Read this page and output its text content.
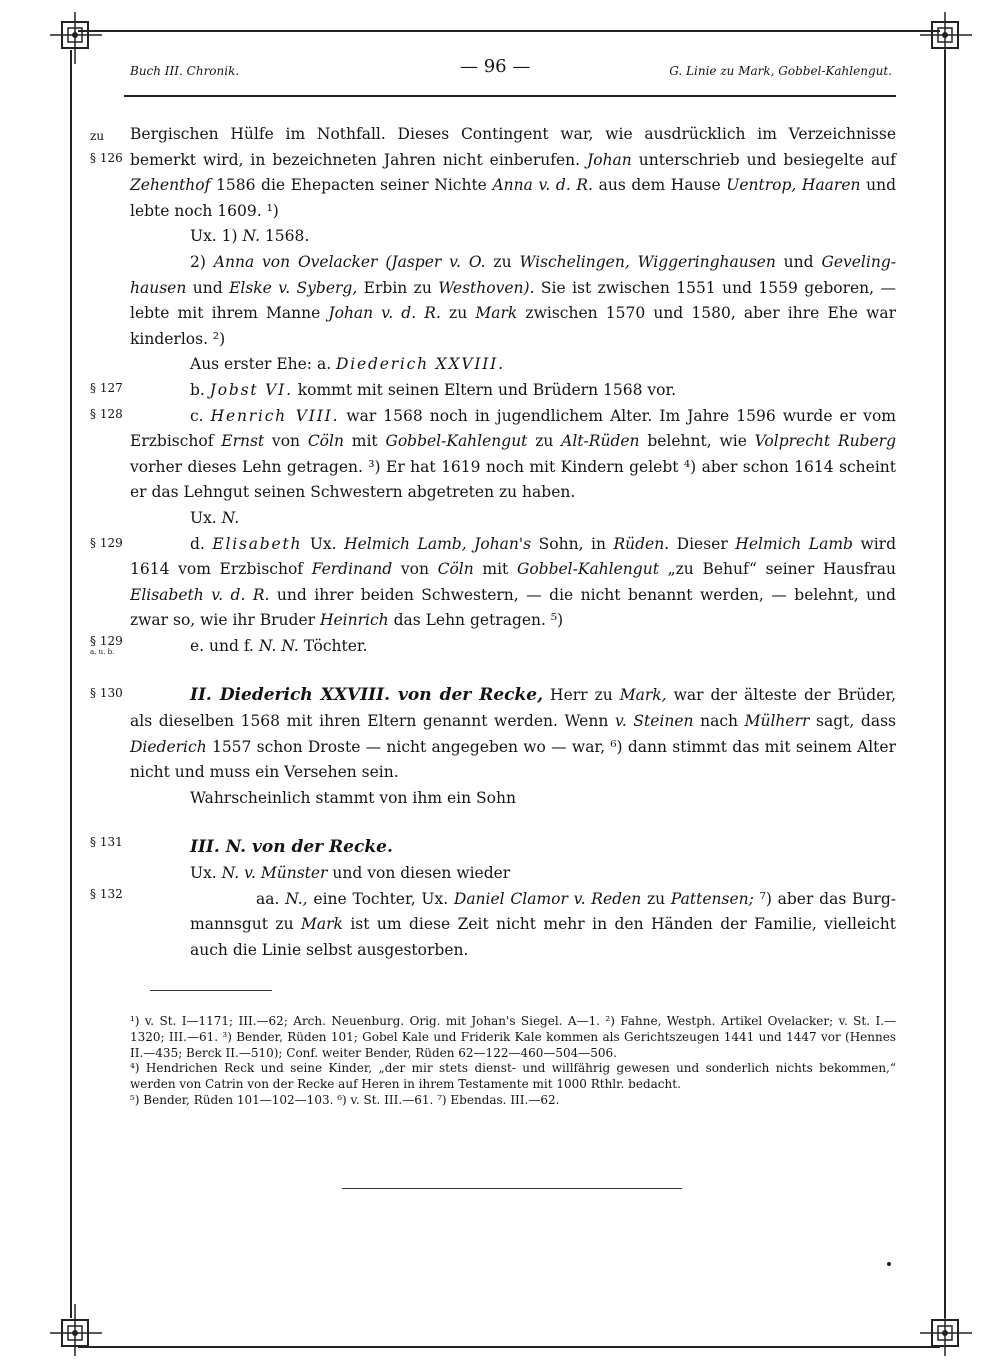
Buch III. Chronik.	— 96 —	G. Linie zu Mark, Gobbel-Kahlengut.
zu
§ 126
§ 127
§ 128
§ 129
§ 129
a. u. b.
§ 130
§ 131
§ 132

Bergischen Hülfe im Nothfall. Dieses Contingent war, wie ausdrücklich im Verzeichnisse bemerkt wird, in bezeichneten Jahren nicht einberufen. Johan unterschrieb und besiegelte auf Zehenthof 1586 die Ehepacten seiner Nichte Anna v. d. R. aus dem Hause Uentrop, Haaren und lebte noch 1609. ¹)

Ux. 1) N. 1568.

2) Anna von Ovelacker (Jasper v. O. zu Wischelingen, Wiggeringhausen und Geveling-hausen und Elske v. Syberg, Erbin zu Westhoven). Sie ist zwischen 1551 und 1559 geboren, — lebte mit ihrem Manne Johan v. d. R. zu Mark zwischen 1570 und 1580, aber ihre Ehe war kinderlos. ²)

Aus erster Ehe: a. Diederich XXVIII.

b. Jobst VI. kommt mit seinen Eltern und Brüdern 1568 vor.

c. Henrich VIII. war 1568 noch in jugendlichem Alter. Im Jahre 1596 wurde er vom Erzbischof Ernst von Cöln mit Gobbel-Kahlengut zu Alt-Rüden belehnt, wie Volprecht Ruberg vorher dieses Lehn getragen. ³) Er hat 1619 noch mit Kindern gelebt ⁴) aber schon 1614 scheint er das Lehngut seinen Schwestern abgetreten zu haben.

Ux. N.

d. Elisabeth Ux. Helmich Lamb, Johan's Sohn, in Rüden. Dieser Helmich Lamb wird 1614 vom Erzbischof Ferdinand von Cöln mit Gobbel-Kahlengut „zu Behuf“ seiner Hausfrau Elisabeth v. d. R. und ihrer beiden Schwestern, — die nicht benannt werden, — belehnt, und zwar so, wie ihr Bruder Heinrich das Lehn getragen. ⁵)

e. und f. N. N. Töchter.

II. Diederich XXVIII. von der Recke, Herr zu Mark, war der älteste der Brüder, als dieselben 1568 mit ihren Eltern genannt werden. Wenn v. Steinen nach Mülherr sagt, dass Diederich 1557 schon Droste — nicht angegeben wo — war, ⁶) dann stimmt das mit seinem Alter nicht und muss ein Versehen sein.

Wahrscheinlich stammt von ihm ein Sohn

III. N. von der Recke.

Ux. N. v. Münster und von diesen wieder

aa. N., eine Tochter, Ux. Daniel Clamor v. Reden zu Pattensen; ⁷) aber das Burg-mannsgut zu Mark ist um diese Zeit nicht mehr in den Händen der Familie, vielleicht auch die Linie selbst ausgestorben.

¹) v. St. I—1171; III.—62; Arch. Neuenburg. Orig. mit Johan's Siegel. A—1. ²) Fahne, Westph. Artikel Ovelacker; v. St. I.—1320; III.—61. ³) Bender, Rüden 101; Gobel Kale und Friderik Kale kommen als Gerichtszeugen 1441 und 1447 vor (Hennes II.—435; Berck II.—510); Conf. weiter Bender, Rüden 62—122—460—504—506.

⁴) Hendrichen Reck und seine Kinder, „der mir stets dienst- und willfährig gewesen und sonderlich nichts bekommen,“ werden von Catrin von der Recke auf Heren in ihrem Testamente mit 1000 Rthlr. bedacht.

⁵) Bender, Rüden 101—102—103. ⁶) v. St. III.—61. ⁷) Ebendas. III.—62.
